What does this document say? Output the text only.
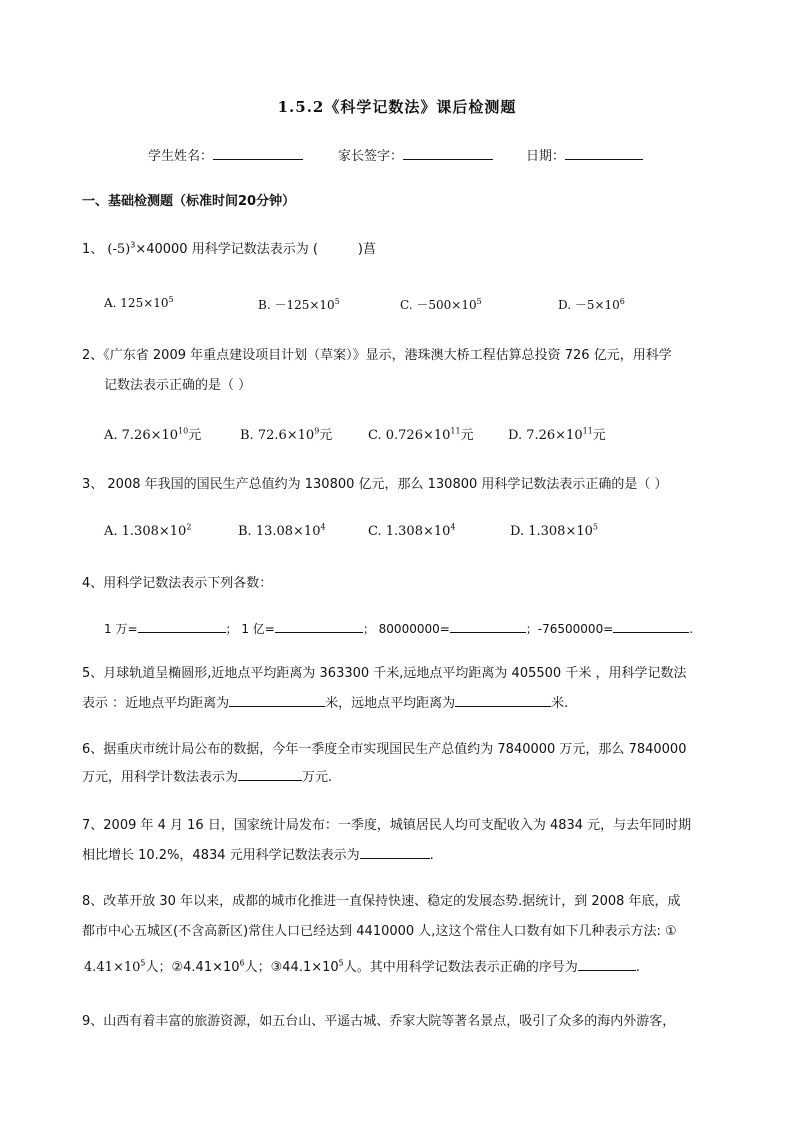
1.5.2《科学记数法》课后检测题
学生姓名：	家长签字：	日期：
一、基础检测题（标准时间20分钟）
1、 $(-5)^3\times 40000$ 用科学记数法表示为 (	)菖
A. $125\times 10^5$	B. $-125\times 10^5$	C. $-500\times 10^5$	D. $-5\times 10^6$
2、《广东省 2009 年重点建设项目计划（草案）》显示，港珠澳大桥工程估算总投资 726 亿元，用科学
记数法表示正确的是（ ）
A. $7.26\times 10^{10}$元	B. $72.6\times 10^9$元	C. $0.726\times 10^{11}$元	D. $7.26\times 10^{11}$元
3、 2008 年我国的国民生产总值约为 130800 亿元，那么 130800 用科学记数法表示正确的是（ ）
A. $1.308\times 10^2$	B. $13.08\times 10^4$	C. $1.308\times 10^4$	D. $1.308\times 10^5$
4、用科学记数法表示下列各数：
1 万=	； 1 亿=	； 80000000=	；-76500000=	.
5、月球轨道呈椭圆形,近地点平均距离为 363300 千米,远地点平均距离为 405500 千米 ，用科学记数法
表示 ：近地点平均距离为	米，远地点平均距离为	米.
6、据重庆市统计局公布的数据，今年一季度全市实现国民生产总值约为 7840000 万元，那么 7840000
万元，用科学计数法表示为	万元.
7、2009 年 4 月 16 日，国家统计局发布：一季度，城镇居民人均可支配收入为 4834 元，与去年同时期
相比增长 10.2%，4834 元用科学记数法表示为	.
8、改革开放 30 年以来，成都的城市化推进一直保持快速、稳定的发展态势.据统计，到 2008 年底，成
都市中心五城区(不含高新区)常住人口已经达到 4410000 人,这这个常住人口数有如下几种表示方法: ①
$4.41\times 10^5$人；$②4.41\times 10^6$人；$③44.1\times 10^5$人。其中用科学记数法表示正确的序号为	.
9、山西有着丰富的旅游资源，如五台山、平遥古城、乔家大院等著名景点，吸引了众多的海内外游客，
